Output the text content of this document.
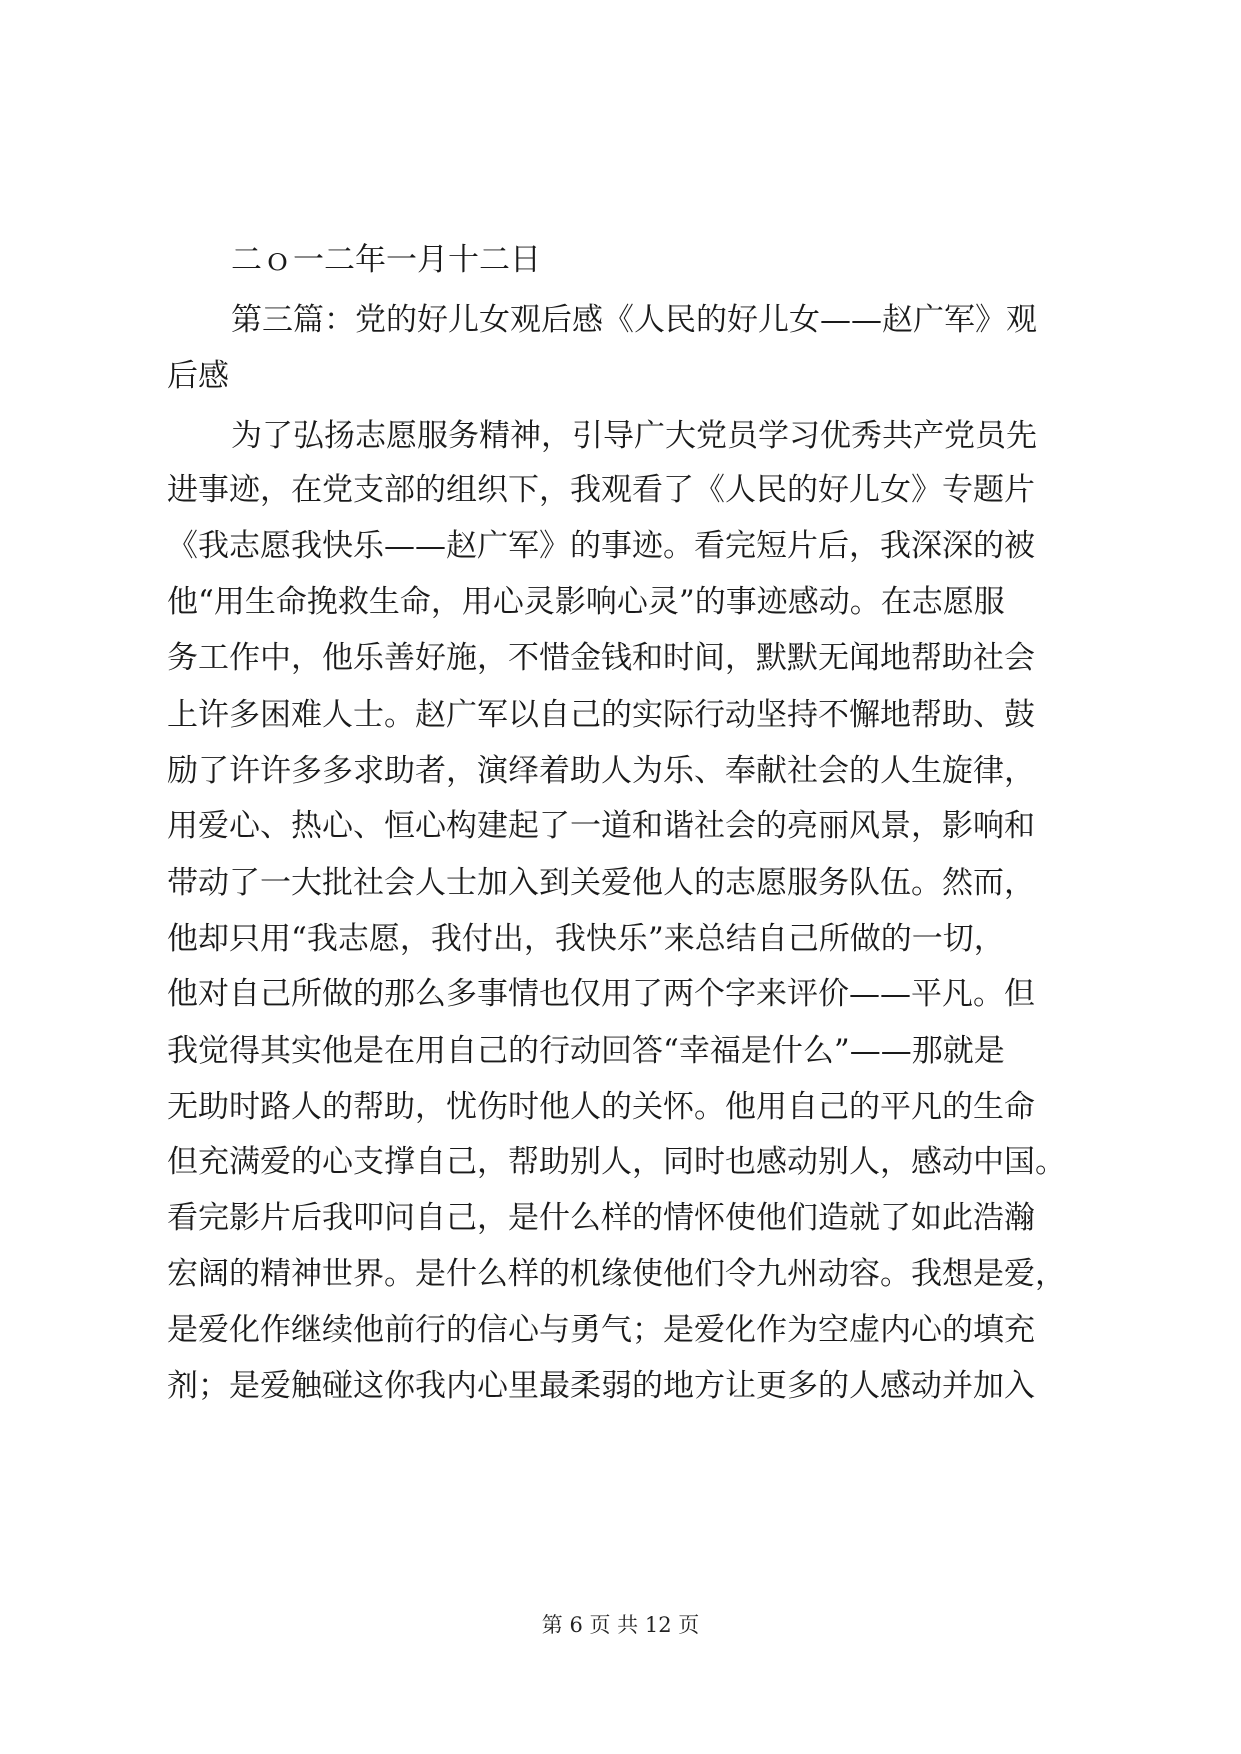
二ｏ一二年一月十二日
第三篇：党的好儿女观后感《人民的好儿女——赵广军》观
后感
为了弘扬志愿服务精神，引导广大党员学习优秀共产党员先
进事迹，在党支部的组织下，我观看了《人民的好儿女》专题片
《我志愿我快乐——赵广军》的事迹。看完短片后，我深深的被
他“用生命挽救生命，用心灵影响心灵”的事迹感动。在志愿服
务工作中，他乐善好施，不惜金钱和时间，默默无闻地帮助社会
上许多困难人士。赵广军以自己的实际行动坚持不懈地帮助、鼓
励了许许多多求助者，演绎着助人为乐、奉献社会的人生旋律，
用爱心、热心、恒心构建起了一道和谐社会的亮丽风景，影响和
带动了一大批社会人士加入到关爱他人的志愿服务队伍。然而，
他却只用“我志愿，我付出，我快乐”来总结自己所做的一切，
他对自己所做的那么多事情也仅用了两个字来评价——平凡。但
我觉得其实他是在用自己的行动回答“幸福是什么”——那就是
无助时路人的帮助，忧伤时他人的关怀。他用自己的平凡的生命
但充满爱的心支撑自己，帮助别人，同时也感动别人，感动中国。
看完影片后我叩问自己，是什么样的情怀使他们造就了如此浩瀚
宏阔的精神世界。是什么样的机缘使他们令九州动容。我想是爱，
是爱化作继续他前行的信心与勇气；是爱化作为空虚内心的填充
剂；是爱触碰这你我内心里最柔弱的地方让更多的人感动并加入
第 6 页 共 12 页
